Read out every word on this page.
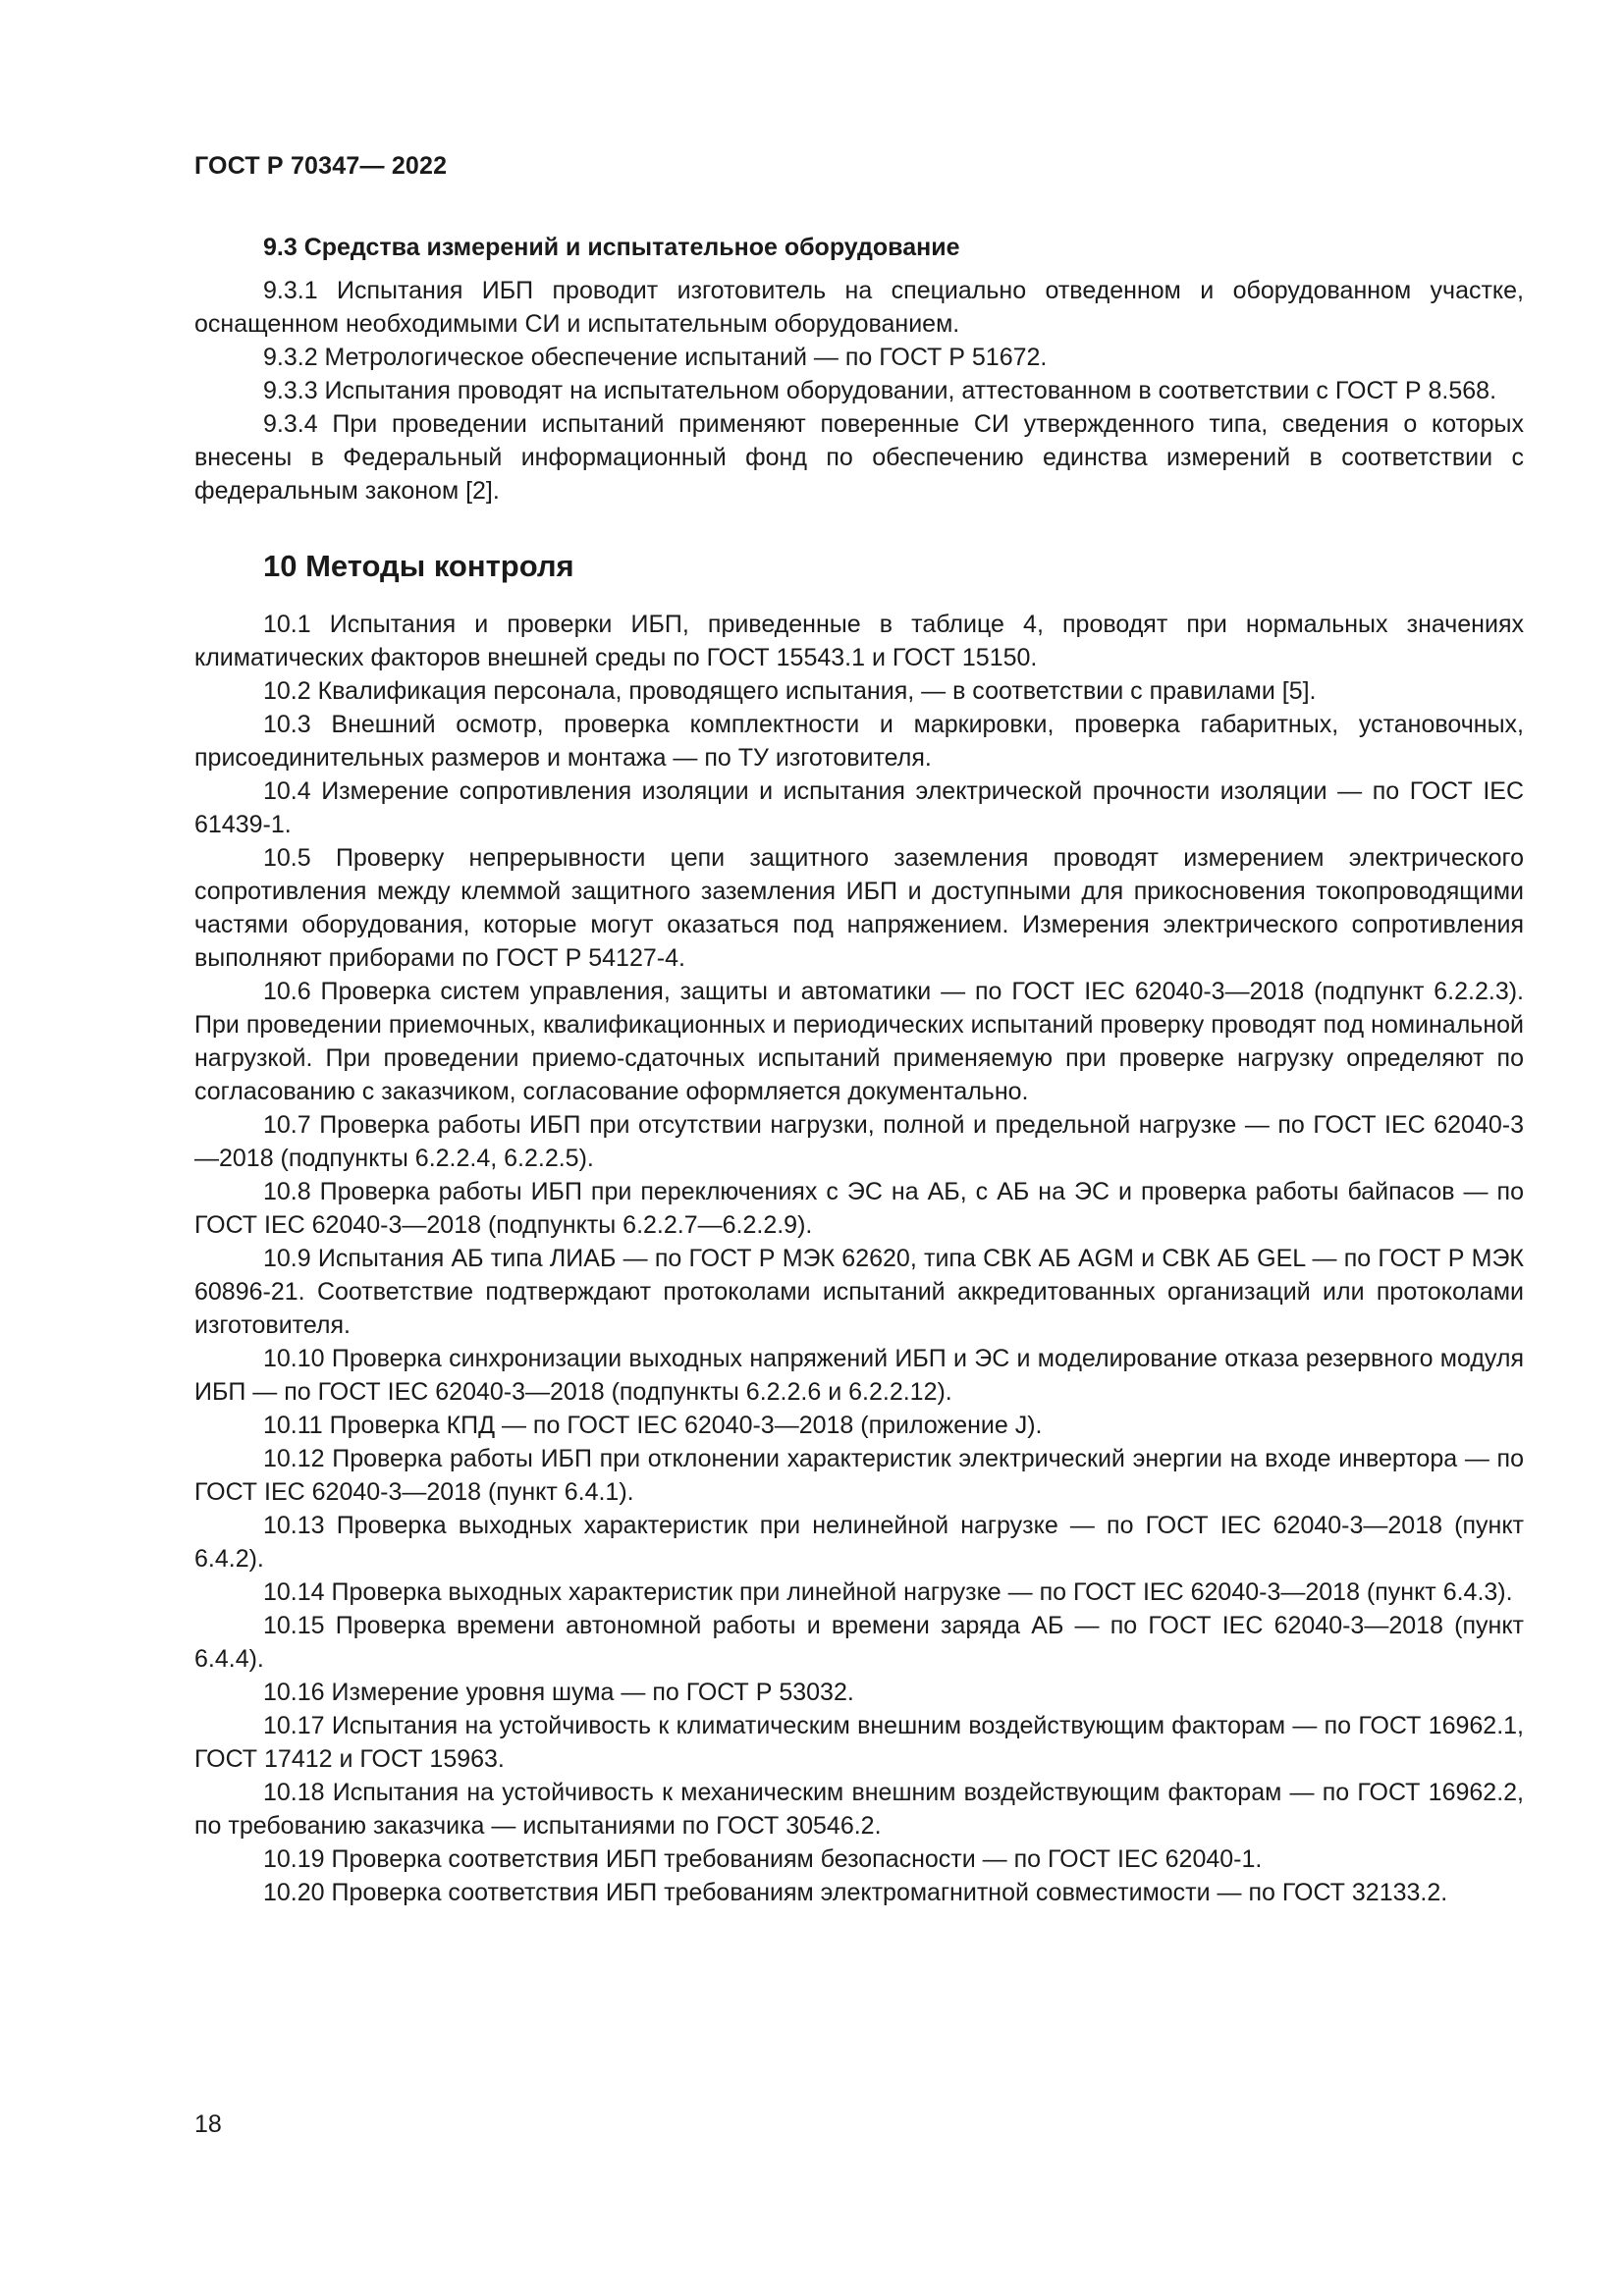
ГОСТ Р 70347— 2022
9.3 Средства измерений и испытательное оборудование

9.3.1 Испытания ИБП проводит изготовитель на специально отведенном и оборудованном участке, оснащенном необходимыми СИ и испытательным оборудованием.

9.3.2 Метрологическое обеспечение испытаний — по ГОСТ Р 51672.

9.3.3 Испытания проводят на испытательном оборудовании, аттестованном в соответствии с ГОСТ Р 8.568.

9.3.4 При проведении испытаний применяют поверенные СИ утвержденного типа, сведения о которых внесены в Федеральный информационный фонд по обеспечению единства измерений в соответствии с федеральным законом [2].

10 Методы контроля

10.1 Испытания и проверки ИБП, приведенные в таблице 4, проводят при нормальных значениях климатических факторов внешней среды по ГОСТ 15543.1 и ГОСТ 15150.

10.2 Квалификация персонала, проводящего испытания, — в соответствии с правилами [5].

10.3 Внешний осмотр, проверка комплектности и маркировки, проверка габаритных, установочных, присоединительных размеров и монтажа — по ТУ изготовителя.

10.4 Измерение сопротивления изоляции и испытания электрической прочности изоляции — по ГОСТ IEC 61439-1.

10.5 Проверку непрерывности цепи защитного заземления проводят измерением электрического сопротивления между клеммой защитного заземления ИБП и доступными для прикосновения токопроводящими частями оборудования, которые могут оказаться под напряжением. Измерения электрического сопротивления выполняют приборами по ГОСТ Р 54127-4.

10.6 Проверка систем управления, защиты и автоматики — по ГОСТ IEC 62040-3—2018 (подпункт 6.2.2.3). При проведении приемочных, квалификационных и периодических испытаний проверку проводят под номинальной нагрузкой. При проведении приемо-сдаточных испытаний применяемую при проверке нагрузку определяют по согласованию с заказчиком, согласование оформляется документально.

10.7 Проверка работы ИБП при отсутствии нагрузки, полной и предельной нагрузке — по ГОСТ IEC 62040-3—2018 (подпункты 6.2.2.4, 6.2.2.5).

10.8 Проверка работы ИБП при переключениях с ЭС на АБ, с АБ на ЭС и проверка работы байпасов — по ГОСТ IEC 62040-3—2018 (подпункты 6.2.2.7—6.2.2.9).

10.9 Испытания АБ типа ЛИАБ — по ГОСТ Р МЭК 62620, типа СВК АБ AGM и СВК АБ GEL — по ГОСТ Р МЭК 60896-21. Соответствие подтверждают протоколами испытаний аккредитованных организаций или протоколами изготовителя.

10.10 Проверка синхронизации выходных напряжений ИБП и ЭС и моделирование отказа резервного модуля ИБП — по ГОСТ IEC 62040-3—2018 (подпункты 6.2.2.6 и 6.2.2.12).

10.11 Проверка КПД — по ГОСТ IEC 62040-3—2018 (приложение J).

10.12 Проверка работы ИБП при отклонении характеристик электрический энергии на входе инвертора — по ГОСТ IEC 62040-3—2018 (пункт 6.4.1).

10.13 Проверка выходных характеристик при нелинейной нагрузке — по ГОСТ IEC 62040-3—2018 (пункт 6.4.2).

10.14 Проверка выходных характеристик при линейной нагрузке — по ГОСТ IEC 62040-3—2018 (пункт 6.4.3).

10.15 Проверка времени автономной работы и времени заряда АБ — по ГОСТ IEC 62040-3—2018 (пункт 6.4.4).

10.16 Измерение уровня шума — по ГОСТ Р 53032.

10.17 Испытания на устойчивость к климатическим внешним воздействующим факторам — по ГОСТ 16962.1, ГОСТ 17412 и ГОСТ 15963.

10.18 Испытания на устойчивость к механическим внешним воздействующим факторам — по ГОСТ 16962.2, по требованию заказчика — испытаниями по ГОСТ 30546.2.

10.19 Проверка соответствия ИБП требованиям безопасности — по ГОСТ IEC 62040-1.

10.20 Проверка соответствия ИБП требованиям электромагнитной совместимости — по ГОСТ 32133.2.

18
